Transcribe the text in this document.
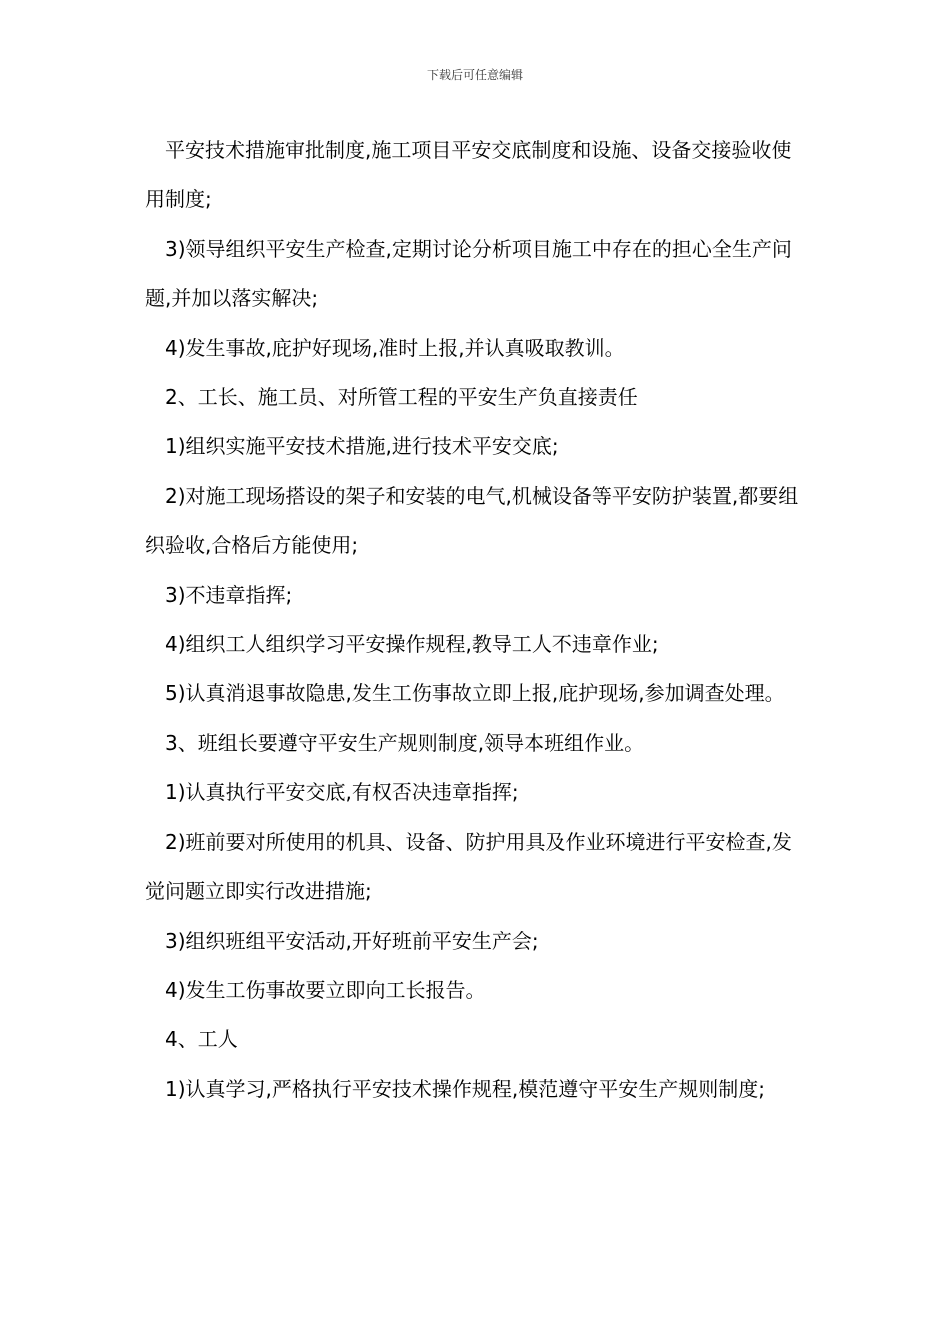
下载后可任意编辑

平安技术措施审批制度,施工项目平安交底制度和设施、设备交接验收使用制度;

3)领导组织平安生产检查,定期讨论分析项目施工中存在的担心全生产问题,并加以落实解决;

4)发生事故,庇护好现场,准时上报,并认真吸取教训。

2、工长、施工员、对所管工程的平安生产负直接责任

1)组织实施平安技术措施,进行技术平安交底;

2)对施工现场搭设的架子和安装的电气,机械设备等平安防护装置,都要组织验收,合格后方能使用;

3)不违章指挥;

4)组织工人组织学习平安操作规程,教导工人不违章作业;

5)认真消退事故隐患,发生工伤事故立即上报,庇护现场,参加调查处理。

3、班组长要遵守平安生产规则制度,领导本班组作业。

1)认真执行平安交底,有权否决违章指挥;

2)班前要对所使用的机具、设备、防护用具及作业环境进行平安检查,发觉问题立即实行改进措施;

3)组织班组平安活动,开好班前平安生产会;

4)发生工伤事故要立即向工长报告。

4、工人

1)认真学习,严格执行平安技术操作规程,模范遵守平安生产规则制度;
